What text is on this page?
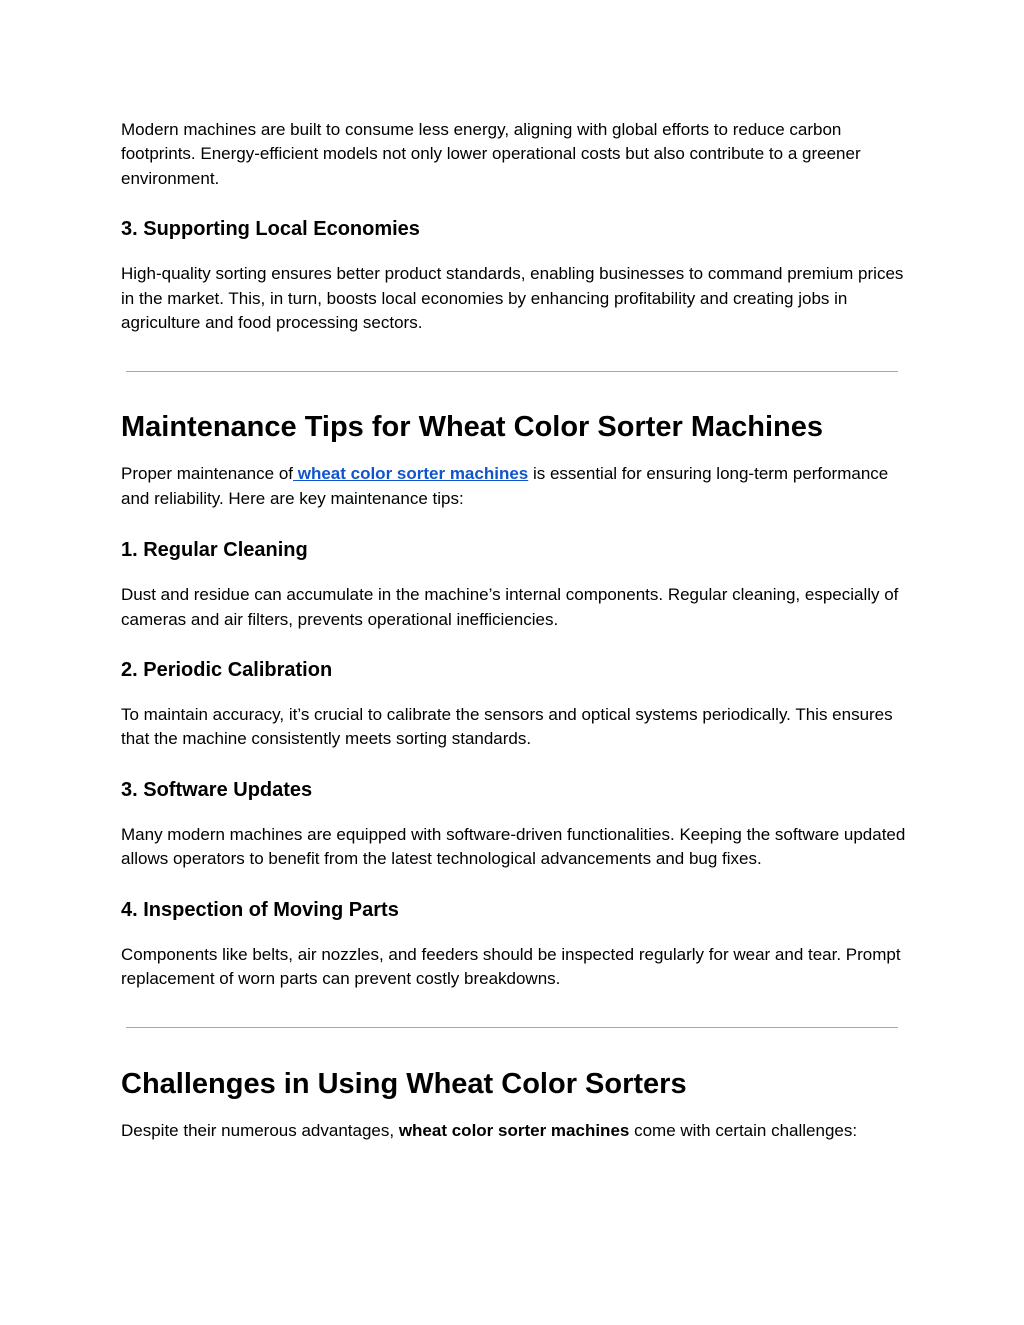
Modern machines are built to consume less energy, aligning with global efforts to reduce carbon footprints. Energy-efficient models not only lower operational costs but also contribute to a greener environment.

3. Supporting Local Economies

High-quality sorting ensures better product standards, enabling businesses to command premium prices in the market. This, in turn, boosts local economies by enhancing profitability and creating jobs in agriculture and food processing sectors.

Maintenance Tips for Wheat Color Sorter Machines

Proper maintenance of wheat color sorter machines is essential for ensuring long-term performance and reliability. Here are key maintenance tips:

1. Regular Cleaning

Dust and residue can accumulate in the machine’s internal components. Regular cleaning, especially of cameras and air filters, prevents operational inefficiencies.

2. Periodic Calibration

To maintain accuracy, it’s crucial to calibrate the sensors and optical systems periodically. This ensures that the machine consistently meets sorting standards.

3. Software Updates

Many modern machines are equipped with software-driven functionalities. Keeping the software updated allows operators to benefit from the latest technological advancements and bug fixes.

4. Inspection of Moving Parts

Components like belts, air nozzles, and feeders should be inspected regularly for wear and tear. Prompt replacement of worn parts can prevent costly breakdowns.

Challenges in Using Wheat Color Sorters

Despite their numerous advantages, wheat color sorter machines come with certain challenges:
